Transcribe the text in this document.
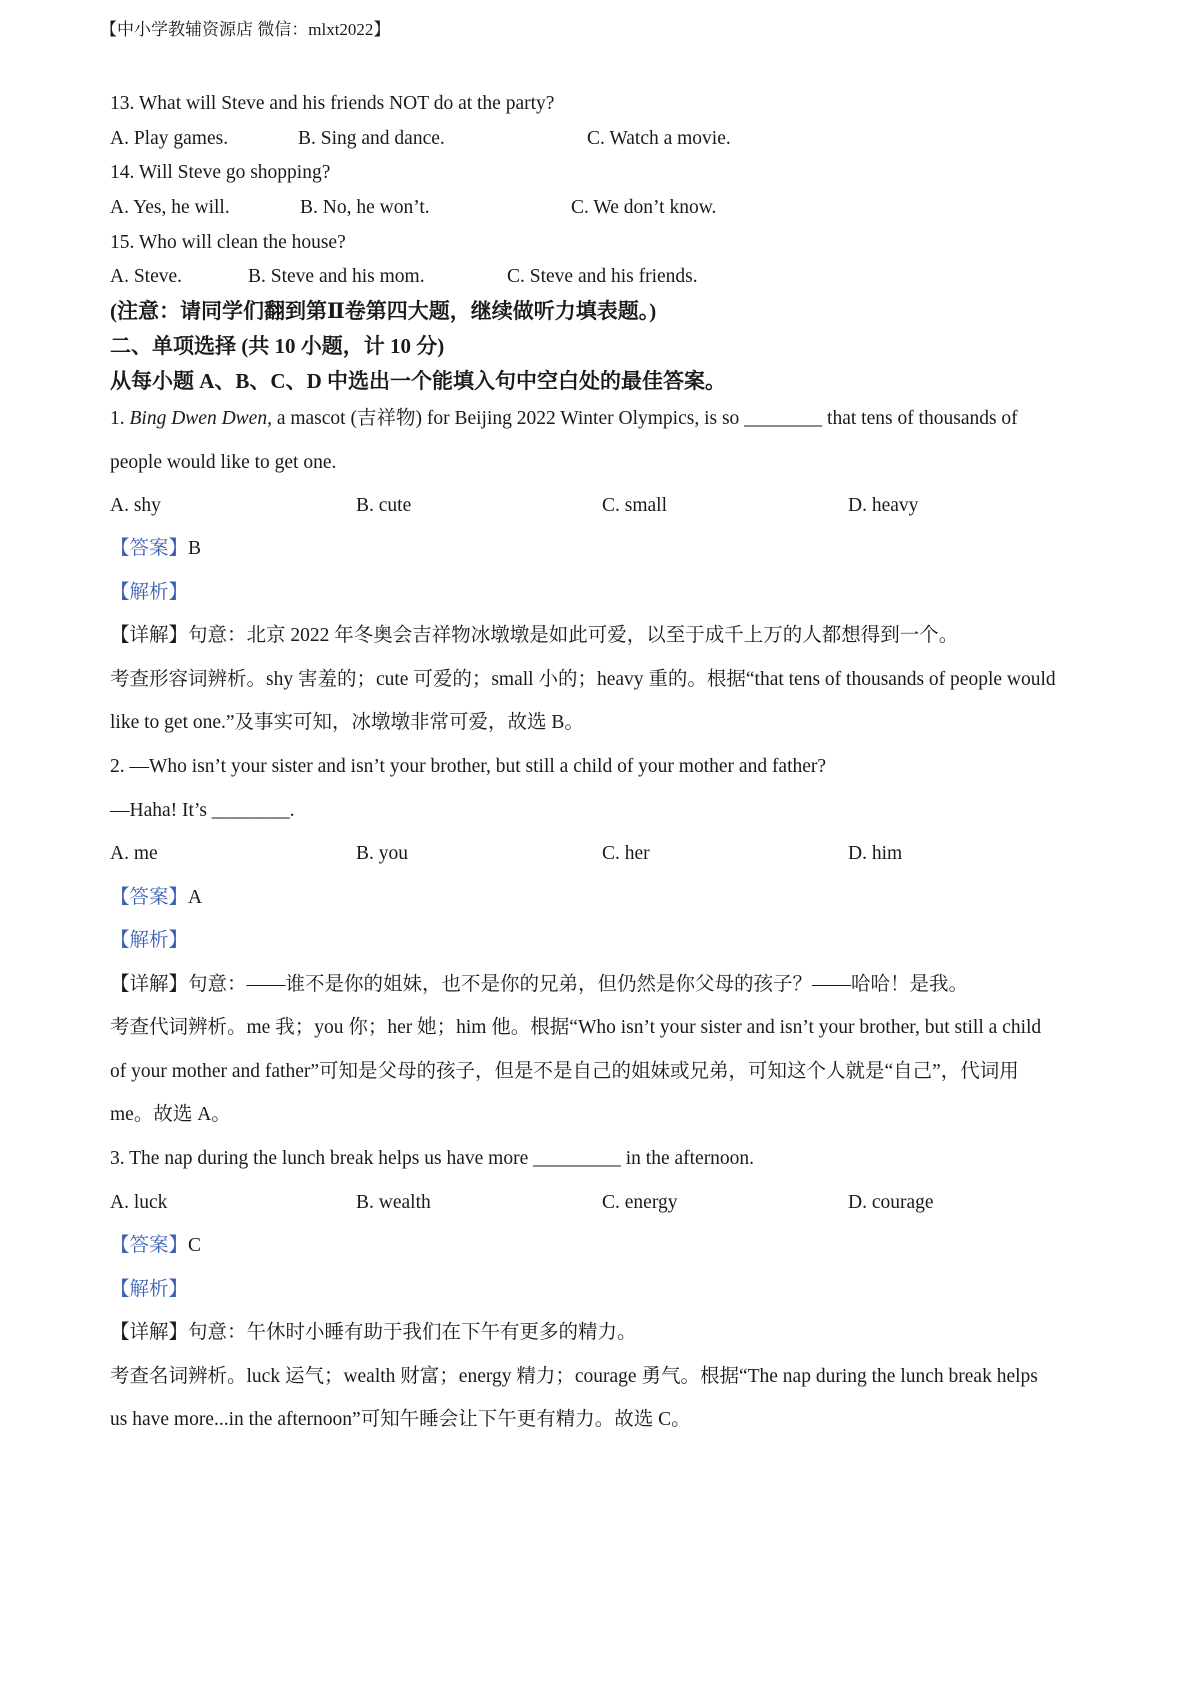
【中小学教辅资源店 微信：mlxt2022】
13. What will Steve and his friends NOT do at the party?
A. Play games.	B. Sing and dance.	C. Watch a movie.
14. Will Steve go shopping?
A. Yes, he will.	B. No, he won’t.	C. We don’t know.
15. Who will clean the house?
A. Steve.	B. Steve and his mom.	C. Steve and his friends.
(注意：请同学们翻到第Ⅱ卷第四大题，继续做听力填表题。)
二、单项选择 (共 10 小题，计 10 分)
从每小题 A、B、C、D 中选出一个能填入句中空白处的最佳答案。
1. Bing Dwen Dwen, a mascot (吉祥物) for Beijing 2022 Winter Olympics, is so ________ that tens of thousands of
people would like to get one.
A. shy	B. cute	C. small	D. heavy
【答案】B
【解析】
【详解】句意：北京 2022 年冬奥会吉祥物冰墩墩是如此可爱，以至于成千上万的人都想得到一个。
考查形容词辨析。shy 害羞的；cute 可爱的；small 小的；heavy 重的。根据“that tens of thousands of people would
like to get one.”及事实可知，冰墩墩非常可爱，故选 B。
2. —Who isn’t your sister and isn’t your brother, but still a child of your mother and father?
—Haha! It’s ________.
A. me	B. you	C. her	D. him
【答案】A
【解析】
【详解】句意：——谁不是你的姐妹，也不是你的兄弟，但仍然是你父母的孩子？——哈哈！是我。
考查代词辨析。me 我；you 你；her 她；him 他。根据“Who isn’t your sister and isn’t your brother, but still a child
of your mother and father”可知是父母的孩子，但是不是自己的姐妹或兄弟，可知这个人就是“自己”，代词用
me。故选 A。
3. The nap during the lunch break helps us have more _________ in the afternoon.
A. luck	B. wealth	C. energy	D. courage
【答案】C
【解析】
【详解】句意：午休时小睡有助于我们在下午有更多的精力。
考查名词辨析。luck 运气；wealth 财富；energy 精力；courage 勇气。根据“The nap during the lunch break helps
us have more...in the afternoon”可知午睡会让下午更有精力。故选 C。
